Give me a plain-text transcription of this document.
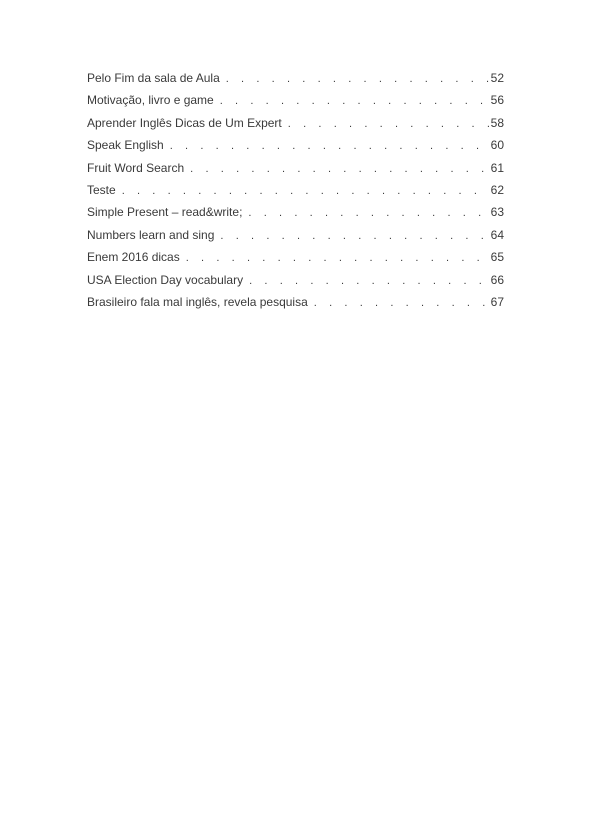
Pelo Fim da sala de Aula . . .	52
Motivação, livro e game . . .	56
Aprender Inglês Dicas de Um Expert . . .	58
Speak English . . .	60
Fruit Word Search . . .	61
Teste . . .	62
Simple Present – read&write; . . .	63
Numbers learn and sing . . .	64
Enem 2016 dicas . . .	65
USA Election Day vocabulary . . .	66
Brasileiro fala mal inglês, revela pesquisa . . .	67
